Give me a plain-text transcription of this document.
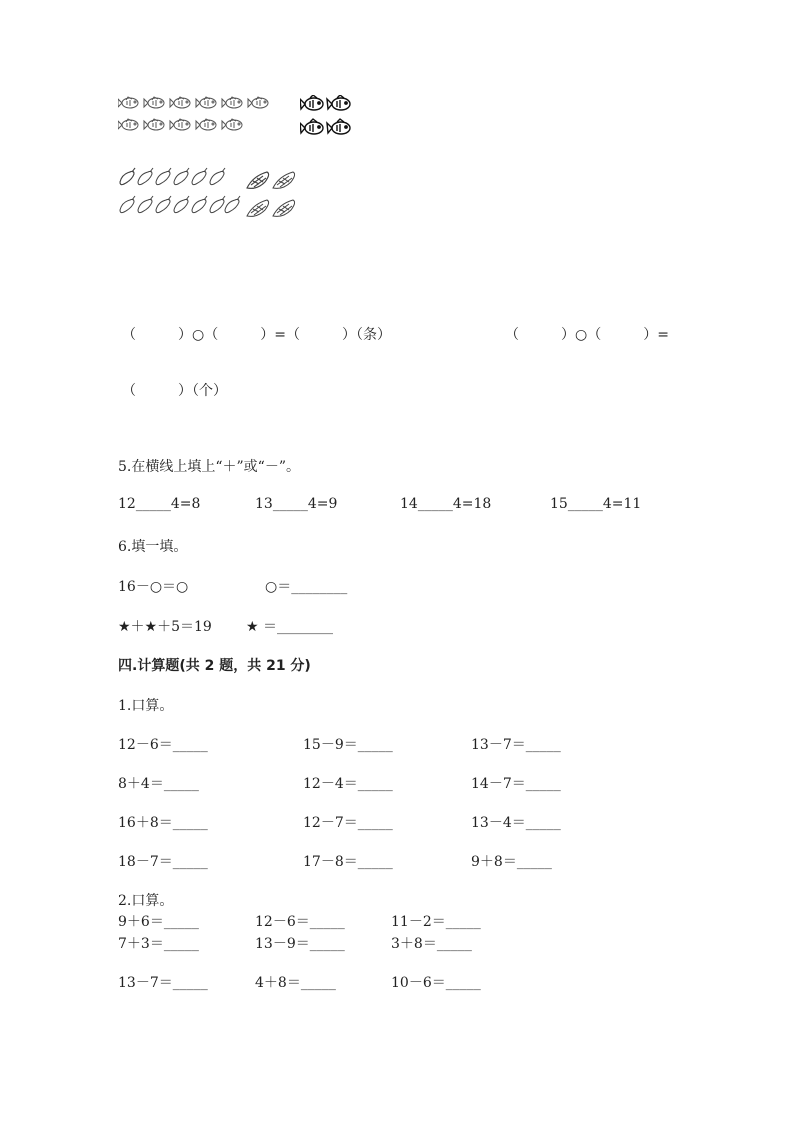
（　　　）○（　　　）=（　　　）（条）	（　　　）○（　　　）=
（　　　）（个）
5.在横线上填上“＋”或“－”。
12_____4=8	13_____4=9	14_____4=18	15_____4=11
6.填一填。
16－○＝○	○＝________
★＋★＋5＝19 ★ ＝________
四.计算题(共 2 题，共 21 分)
1.口算。
12－6＝_____	15－9＝_____	13－7＝_____
8＋4＝_____	12－4＝_____	14－7＝_____
16＋8＝_____	12－7＝_____	13－4＝_____
18－7＝_____	17－8＝_____	9＋8＝_____
2.口算。
9＋6＝_____	12－6＝_____	11－2＝_____
7＋3＝_____	13－9＝_____	3＋8＝_____
13－7＝_____	4＋8＝_____	10－6＝_____
